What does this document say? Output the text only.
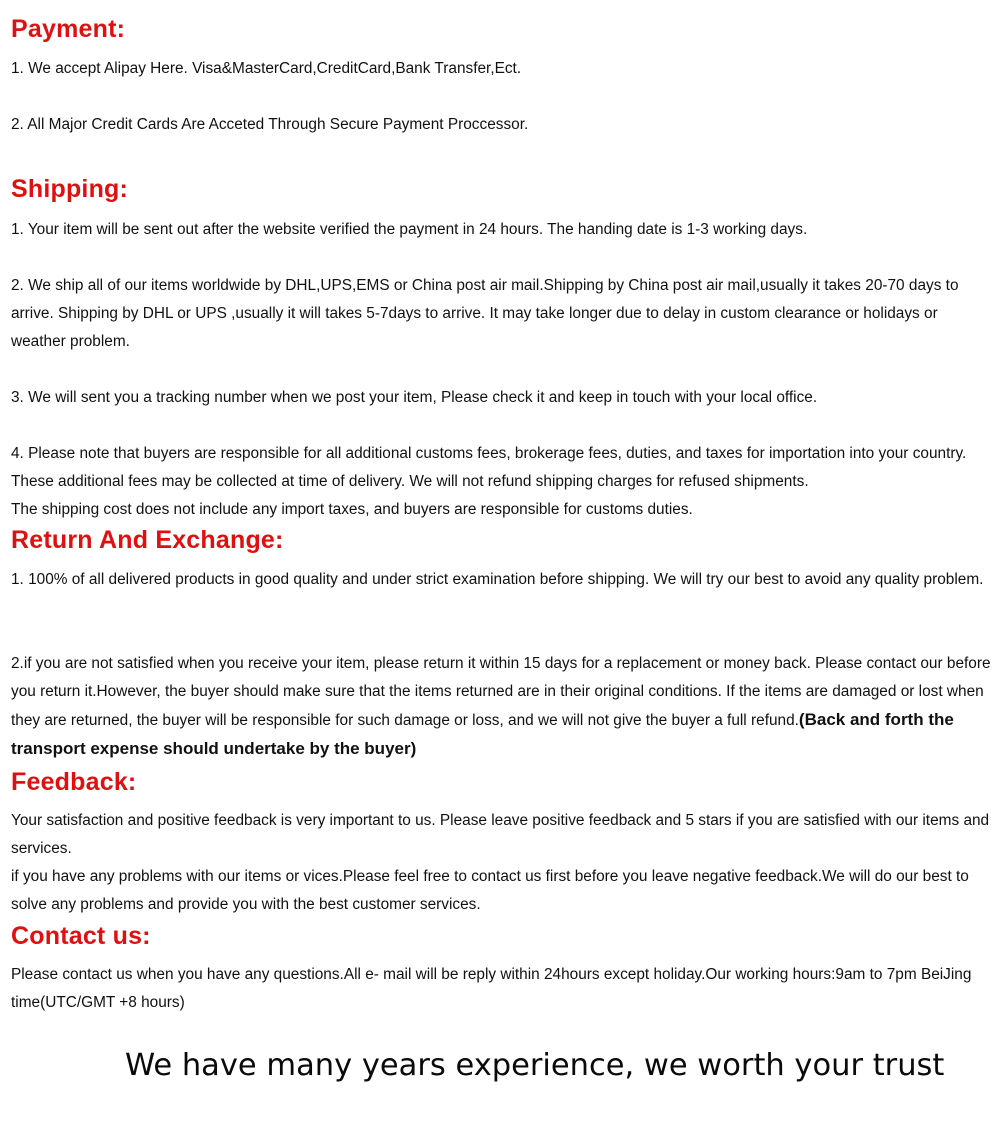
Payment:

1. We accept Alipay Here. Visa&MasterCard,CreditCard,Bank Transfer,Ect.

2. All Major Credit Cards Are Acceted Through Secure Payment Proccessor.

Shipping:

1. Your item will be sent out after the website verified the payment in 24 hours. The handing date is 1-3 working days.

2. We ship all of our items worldwide by DHL,UPS,EMS or China post air mail.Shipping by China post air mail,usually it takes 20-70 days to arrive. Shipping by DHL or UPS ,usually it will takes 5-7days to arrive. It may take longer due to delay in custom clearance or holidays or weather problem.

3. We will sent you a tracking number when we post your item, Please check it and keep in touch with your local office.

4. Please note that buyers are responsible for all additional customs fees, brokerage fees, duties, and taxes for importation into your country. These additional fees may be collected at time of delivery. We will not refund shipping charges for refused shipments.

The shipping cost does not include any import taxes, and buyers are responsible for customs duties.

Return And Exchange:

1. 100% of all delivered products in good quality and under strict examination before shipping. We will try our best to avoid any quality problem.

2.if you are not satisfied when you receive your item, please return it within 15 days for a replacement or money back. Please contact our before you return it.However, the buyer should make sure that the items returned are in their original conditions. If the items are damaged or lost when they are returned, the buyer will be responsible for such damage or loss, and we will not give the buyer a full refund.(Back and forth the transport expense should undertake by the buyer)

Feedback:

Your satisfaction and positive feedback is very important to us. Please leave positive feedback and 5 stars if you are satisfied with our items and services.

if you have any problems with our items or vices.Please feel free to contact us first before you leave negative feedback.We will do our best to solve any problems and provide you with the best customer services.

Contact us:

Please contact us when you have any questions.All e- mail will be reply within 24hours except holiday.Our working hours:9am to 7pm BeiJing time(UTC/GMT +8 hours)

We have many years experience, we worth your trust
